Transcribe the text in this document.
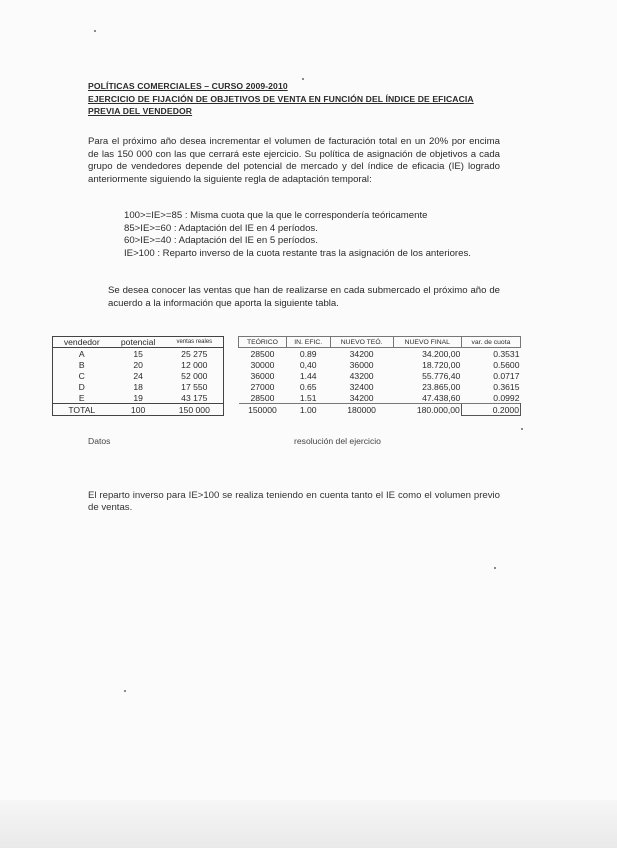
POLÍTICAS COMERCIALES – CURSO 2009-2010
EJERCICIO DE FIJACIÓN DE OBJETIVOS DE VENTA EN FUNCIÓN DEL ÍNDICE DE EFICACIA
PREVIA DEL VENDEDOR

Para el próximo año desea incrementar el volumen de facturación total en un 20% por encima de las 150 000 con las que cerrará este ejercicio. Su política de asignación de objetivos a cada grupo de vendedores depende del potencial de mercado y del índice de eficacia (IE) logrado anteriormente siguiendo la siguiente regla de adaptación temporal:

100>=IE>=85 : Misma cuota que la que le correspondería teóricamente
85>IE>=60 : Adaptación del IE en 4 períodos.
60>IE>=40 : Adaptación del IE en 5 períodos.
IE>100 : Reparto inverso de la cuota restante tras la asignación de los anteriores.

Se desea conocer las ventas que han de realizarse en cada submercado el próximo año de acuerdo a la información que aporta la siguiente tabla.

vendedor	potencial	ventas reales
A	15	25 275
B	20	12 000
C	24	52 000
D	18	17 550
E	19	43 175
TOTAL	100	150 000
TEÓRICO	IN. EFIC.	NUEVO TEÓ.	NUEVO FINAL	var. de cuota
28500	0.89	34200	34.200,00	0.3531
30000	0,40	36000	18.720,00	0.5600
36000	1.44	43200	55.776,40	0.0717
27000	0.65	32400	23.865,00	0.3615
28500	1.51	34200	47.438,60	0.0992
150000	1.00	180000	180.000,00	0.2000
Datos	resolución del ejercicio

El reparto inverso para IE>100 se realiza teniendo en cuenta tanto el IE como el volumen previo de ventas.
